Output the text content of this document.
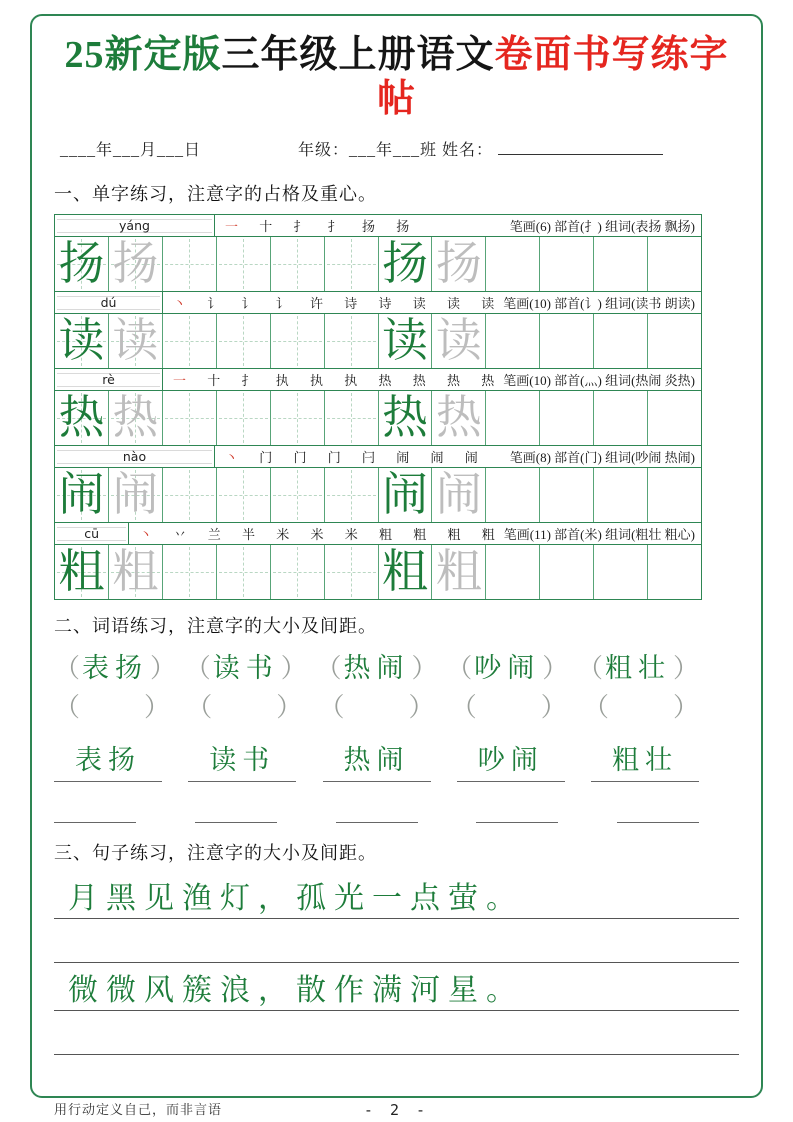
25新定版三年级上册语文卷面书写练字帖
____年___月___日	年级：___年___班 姓名：
一、单字练习，注意字的占格及重心。
yáng	一 十 扌 扌 扬 扬	笔画(6) 部首(扌) 组词(表扬 飘扬)
扬 扬	扬 扬
dú	丶 讠 讠 讠 许 诗 诗 读 读 读 笔画(10) 部首(讠) 组词(读书 朗读)
读 读	读 读
rè	一 十 扌 执 执 执 热 热 热 热 笔画(10) 部首(灬) 组词(热闹 炎热)
热 热	热 热
nào	丶 门 门 门 闩 闹 闹 闹 笔画(8) 部首(门) 组词(吵闹 热闹)
闹 闹	闹 闹
cū	丶 丷 兰 半 米 米 米 粗 粗 粗 粗 笔画(11) 部首(米) 组词(粗壮 粗心)
粗 粗	粗 粗
二、词语练习，注意字的大小及间距。
（表扬） （读书） （热闹） （吵闹） （粗壮）
（ ） （ ） （ ） （ ） （ ）
表扬	读书	热闹	吵闹	粗壮
三、句子练习，注意字的大小及间距。
月黑见渔灯，孤光一点萤。
微微风簇浪，散作满河星。
用行动定义自己，而非言语	- 2 -
